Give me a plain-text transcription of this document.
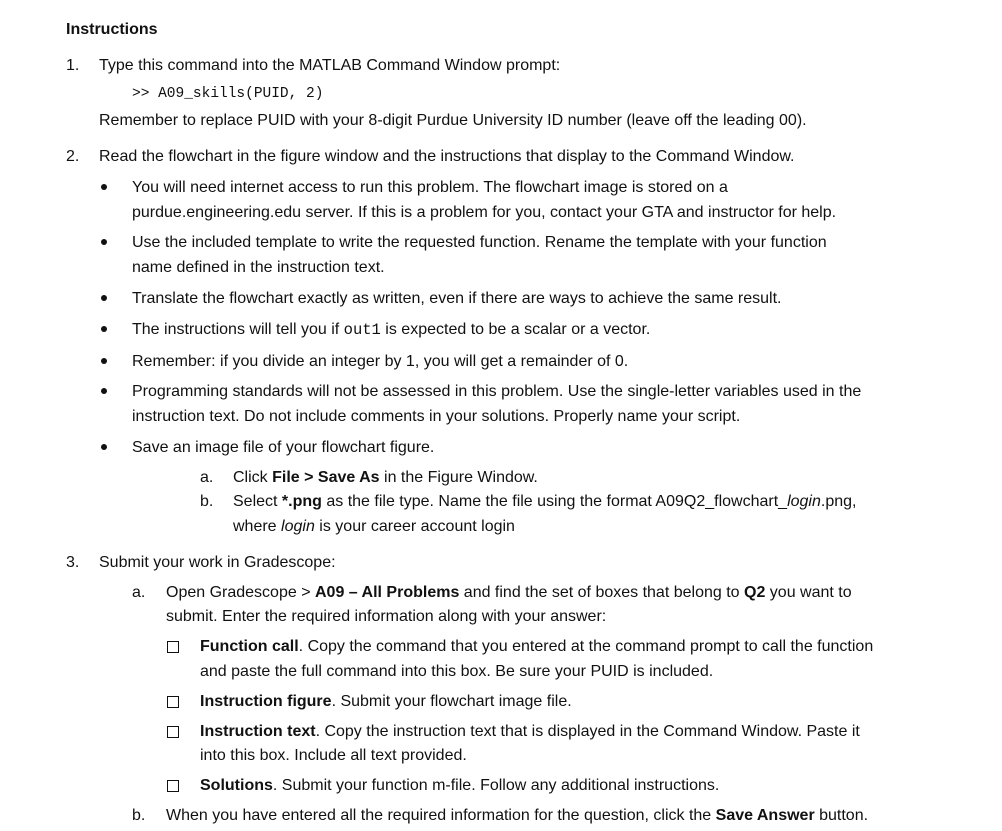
Instructions
1. Type this command into the MATLAB Command Window prompt:
>> A09_skills(PUID, 2)
Remember to replace PUID with your 8-digit Purdue University ID number (leave off the leading 00).
2. Read the flowchart in the figure window and the instructions that display to the Command Window.
You will need internet access to run this problem. The flowchart image is stored on a
purdue.engineering.edu server. If this is a problem for you, contact your GTA and instructor for help.
Use the included template to write the requested function. Rename the template with your function
name defined in the instruction text.
Translate the flowchart exactly as written, even if there are ways to achieve the same result.
The instructions will tell you if out1 is expected to be a scalar or a vector.
Remember: if you divide an integer by 1, you will get a remainder of 0.
Programming standards will not be assessed in this problem. Use the single-letter variables used in the
instruction text. Do not include comments in your solutions. Properly name your script.
Save an image file of your flowchart figure.
a. Click File > Save As in the Figure Window.
b. Select *.png as the file type. Name the file using the format A09Q2_flowchart_login.png,
where login is your career account login
3. Submit your work in Gradescope:
a. Open Gradescope > A09 – All Problems and find the set of boxes that belong to Q2 you want to
submit. Enter the required information along with your answer:
Function call. Copy the command that you entered at the command prompt to call the function
and paste the full command into this box. Be sure your PUID is included.
Instruction figure. Submit your flowchart image file.
Instruction text. Copy the instruction text that is displayed in the Command Window. Paste it
into this box. Include all text provided.
Solutions. Submit your function m-file. Follow any additional instructions.
b. When you have entered all the required information for the question, click the Save Answer button.
